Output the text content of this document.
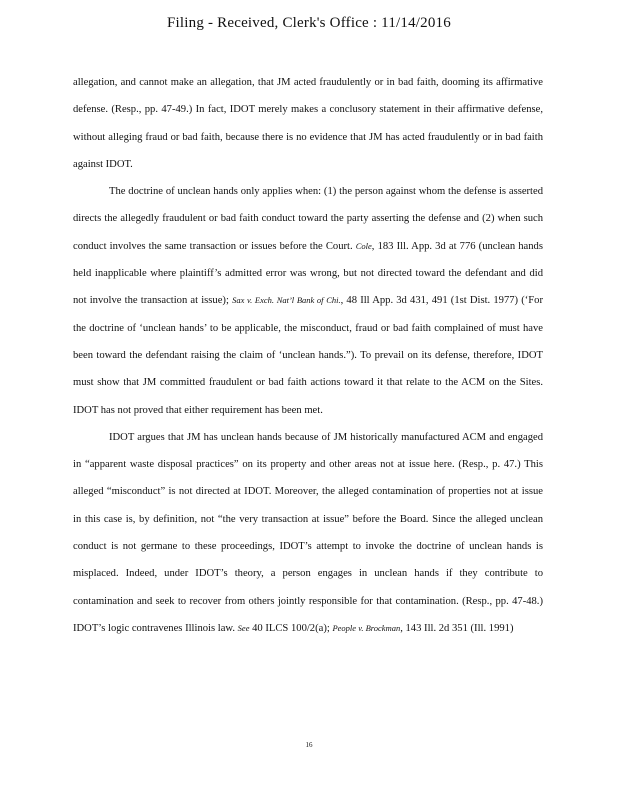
Filing - Received, Clerk's Office : 11/14/2016

allegation, and cannot make an allegation, that JM acted fraudulently or in bad faith, dooming its affirmative defense. (Resp., pp. 47-49.) In fact, IDOT merely makes a conclusory statement in their affirmative defense, without alleging fraud or bad faith, because there is no evidence that JM has acted fraudulently or in bad faith against IDOT.

The doctrine of unclean hands only applies when: (1) the person against whom the defense is asserted directs the allegedly fraudulent or bad faith conduct toward the party asserting the defense and (2) when such conduct involves the same transaction or issues before the Court. Cole, 183 Ill. App. 3d at 776 (unclean hands held inapplicable where plaintiff’s admitted error was wrong, but not directed toward the defendant and did not involve the transaction at issue); Sax v. Exch. Nat’l Bank of Chi., 48 Ill App. 3d 431, 491 (1st Dist. 1977) (‘For the doctrine of ‘unclean hands’ to be applicable, the misconduct, fraud or bad faith complained of must have been toward the defendant raising the claim of ‘unclean hands.”). To prevail on its defense, therefore, IDOT must show that JM committed fraudulent or bad faith actions toward it that relate to the ACM on the Sites. IDOT has not proved that either requirement has been met.

IDOT argues that JM has unclean hands because of JM historically manufactured ACM and engaged in “apparent waste disposal practices” on its property and other areas not at issue here. (Resp., p. 47.) This alleged “misconduct” is not directed at IDOT. Moreover, the alleged contamination of properties not at issue in this case is, by definition, not “the very transaction at issue” before the Board. Since the alleged unclean conduct is not germane to these proceedings, IDOT’s attempt to invoke the doctrine of unclean hands is misplaced. Indeed, under IDOT’s theory, a person engages in unclean hands if they contribute to contamination and seek to recover from others jointly responsible for that contamination. (Resp., pp. 47-48.) IDOT’s logic contravenes Illinois law. See 40 ILCS 100/2(a); People v. Brockman, 143 Ill. 2d 351 (Ill. 1991)

16
